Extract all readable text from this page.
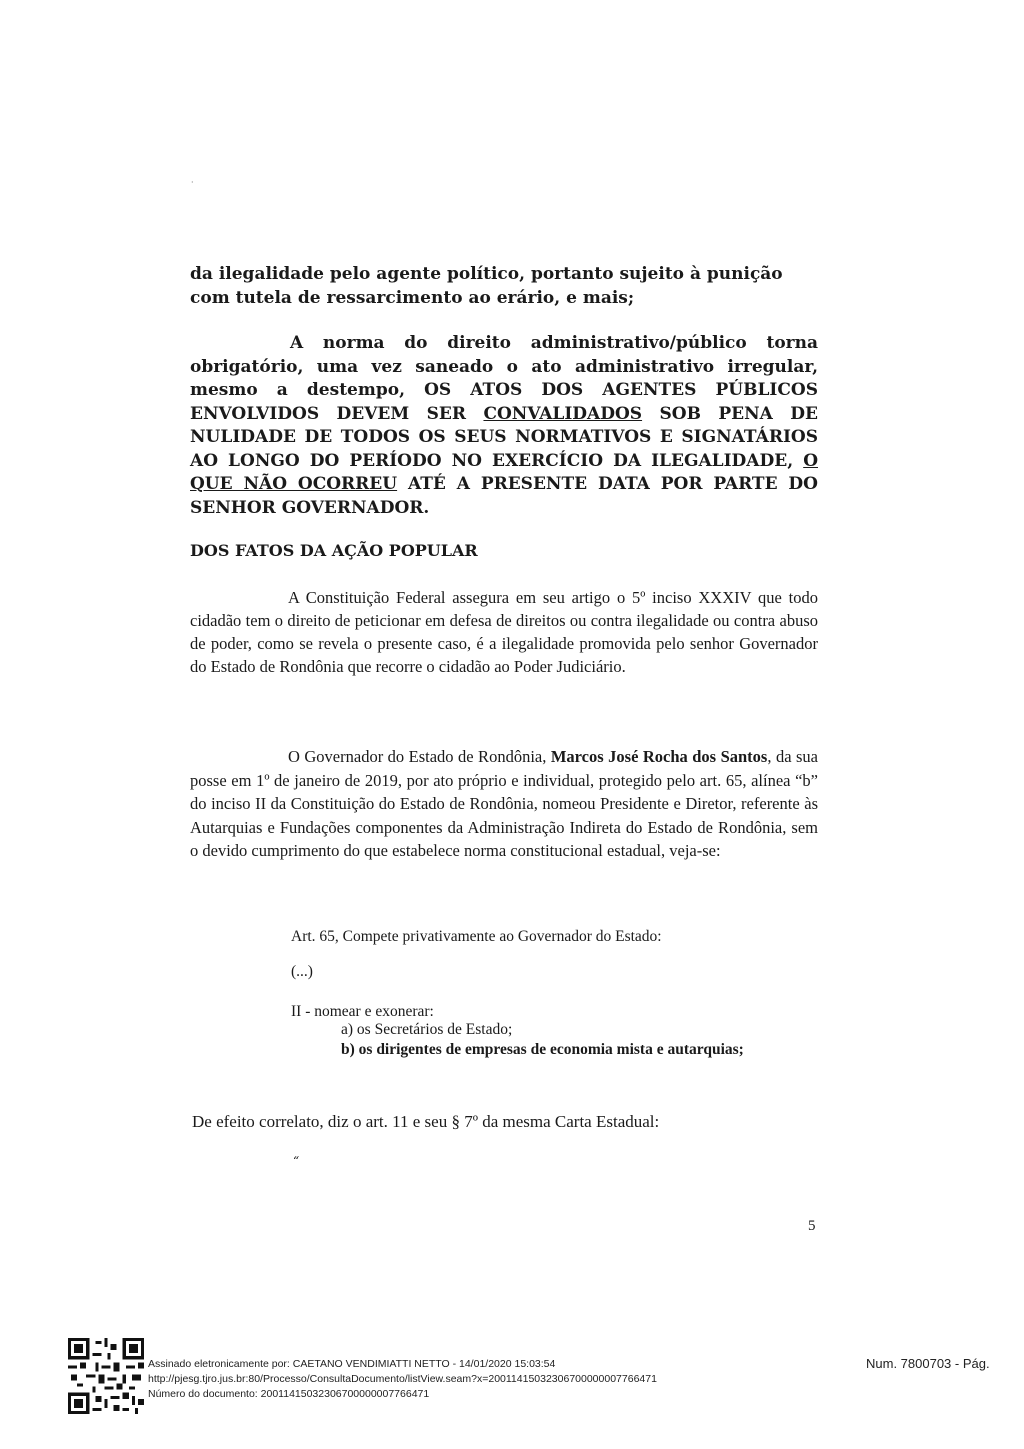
·
da ilegalidade pelo agente político, portanto sujeito à punição com tutela de ressarcimento ao erário, e mais;
A norma do direito administrativo/público torna obrigatório, uma vez saneado o ato administrativo irregular, mesmo a destempo, OS ATOS DOS AGENTES PÚBLICOS ENVOLVIDOS DEVEM SER CONVALIDADOS SOB PENA DE NULIDADE DE TODOS OS SEUS NORMATIVOS E SIGNATÁRIOS AO LONGO DO PERÍODO NO EXERCÍCIO DA ILEGALIDADE, O QUE NÃO OCORREU ATÉ A PRESENTE DATA POR PARTE DO SENHOR GOVERNADOR.
DOS FATOS DA AÇÃO POPULAR
A Constituição Federal assegura em seu artigo o 5º inciso XXXIV que todo cidadão tem o direito de peticionar em defesa de direitos ou contra ilegalidade ou contra abuso de poder, como se revela o presente caso, é a ilegalidade promovida pelo senhor Governador do Estado de Rondônia que recorre o cidadão ao Poder Judiciário.
O Governador do Estado de Rondônia, Marcos José Rocha dos Santos, da sua posse em 1º de janeiro de 2019, por ato próprio e individual, protegido pelo art. 65, alínea “b” do inciso II da Constituição do Estado de Rondônia, nomeou Presidente e Diretor, referente às Autarquias e Fundações componentes da Administração Indireta do Estado de Rondônia, sem o devido cumprimento do que estabelece norma constitucional estadual, veja-se:
Art. 65, Compete privativamente ao Governador do Estado:
(...)
II - nomear e exonerar:
a) os Secretários de Estado;
b) os dirigentes de empresas de economia mista e autarquias;
De efeito correlato, diz o art. 11 e seu § 7º da mesma Carta Estadual:
“
5
Assinado eletronicamente por: CAETANO VENDIMIATTI NETTO - 14/01/2020 15:03:54
http://pjesg.tjro.jus.br:80/Processo/ConsultaDocumento/listView.seam?x=20011415032306700000007766471
Número do documento: 20011415032306700000007766471
Num. 7800703 - Pág.
